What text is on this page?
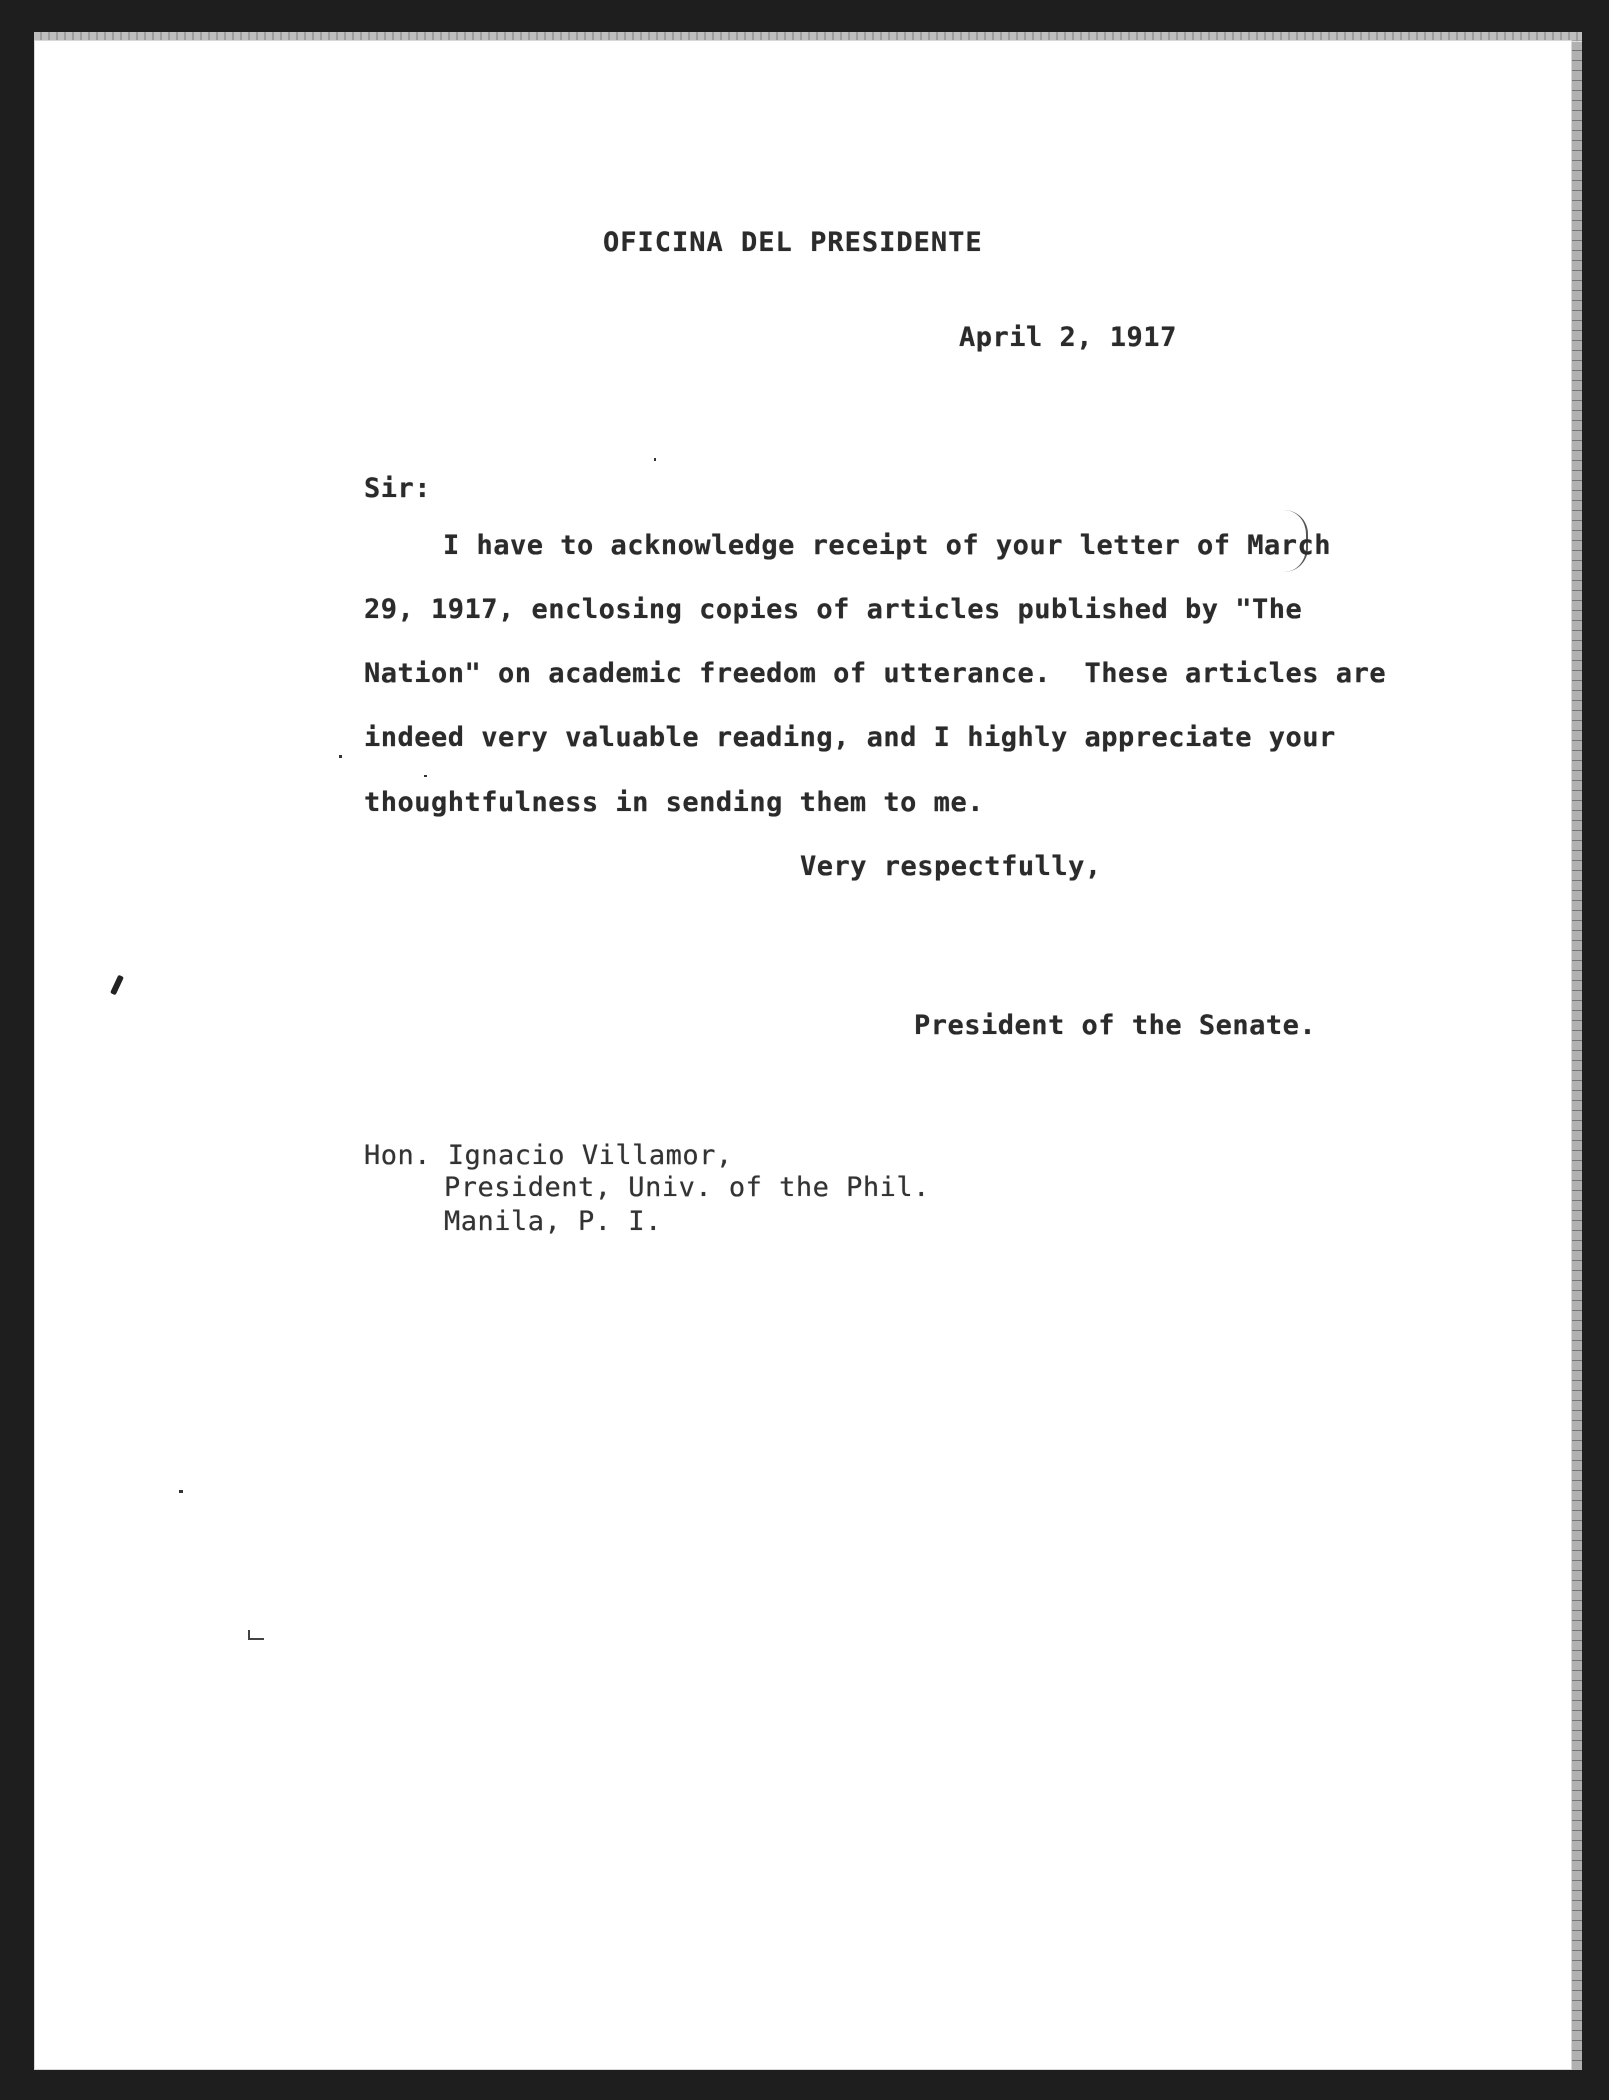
OFICINA DEL PRESIDENTE
April 2, 1917
Sir:
I have to acknowledge receipt of your letter of March
29, 1917, enclosing copies of articles published by "The
Nation" on academic freedom of utterance.  These articles are
indeed very valuable reading, and I highly appreciate your
thoughtfulness in sending them to me.
Very respectfully,
President of the Senate.
Hon. Ignacio Villamor,
President, Univ. of the Phil.
Manila, P. I.
